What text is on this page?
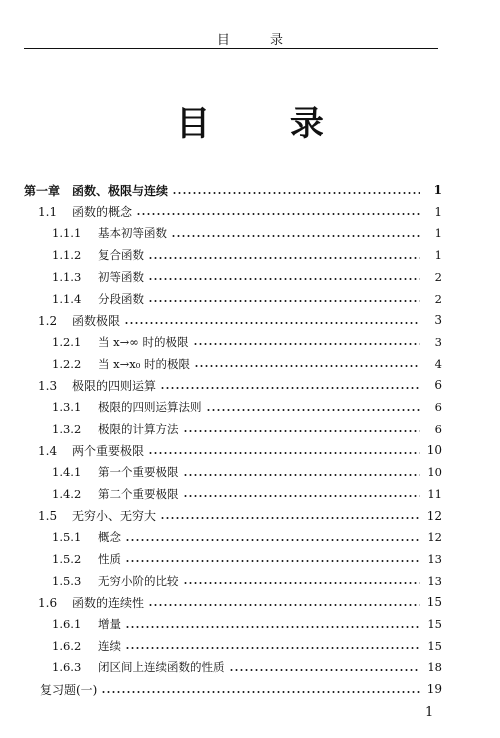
目 录
目 录
第一章 函数、极限与连续	1
1.1 函数的概念	1
1.1.1 基本初等函数	1
1.1.2 复合函数	1
1.1.3 初等函数	2
1.1.4 分段函数	2
1.2 函数极限	3
1.2.1 当 x→∞ 时的极限	3
1.2.2 当 x→x₀ 时的极限	4
1.3 极限的四则运算	6
1.3.1 极限的四则运算法则	6
1.3.2 极限的计算方法	6
1.4 两个重要极限	10
1.4.1 第一个重要极限	10
1.4.2 第二个重要极限	11
1.5 无穷小、无穷大	12
1.5.1 概念	12
1.5.2 性质	13
1.5.3 无穷小阶的比较	13
1.6 函数的连续性	15
1.6.1 增量	15
1.6.2 连续	15
1.6.3 闭区间上连续函数的性质	18
复习题(一)	19
1
